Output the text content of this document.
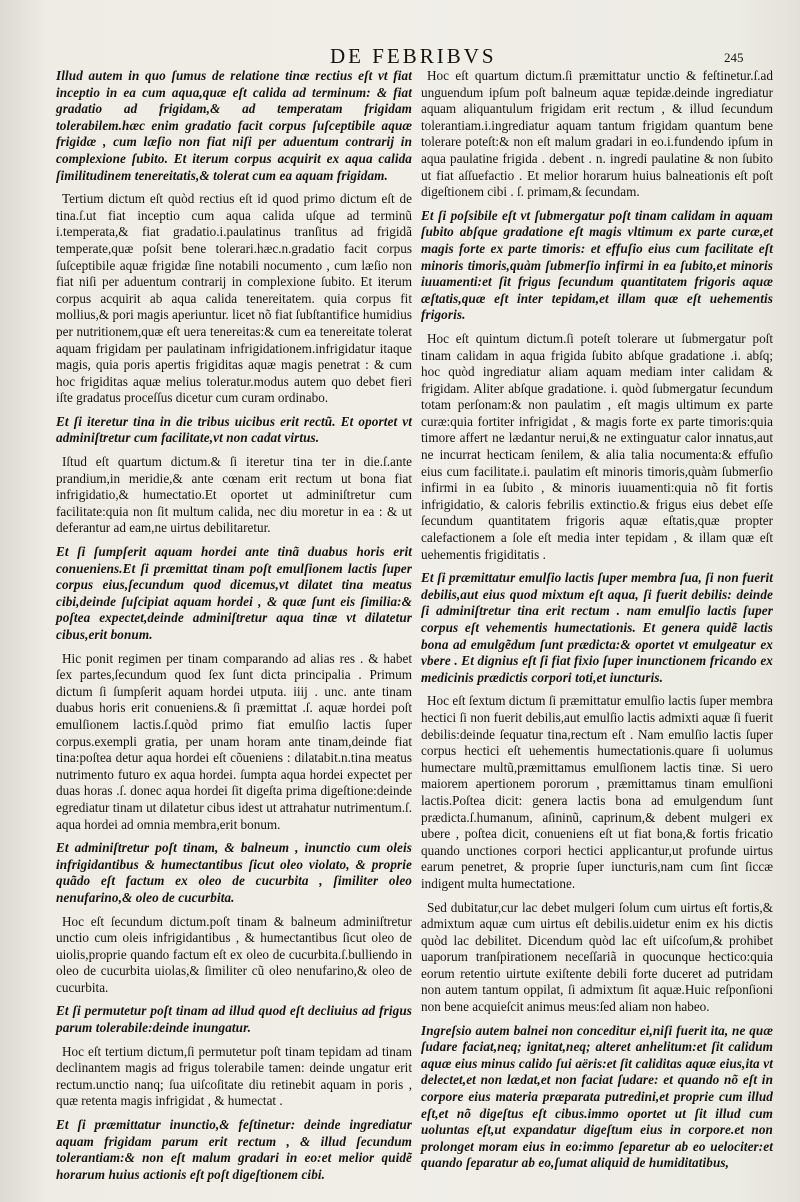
DE FEBRIBVS	245

Illud autem in quo ſumus de relatione tinæ rectius eſt vt fiat inceptio in ea cum aqua,quæ eſt calida ad terminum: & fiat gradatio ad frigidam,& ad temperatam frigidam tolerabilem.hæc enim gradatio facit corpus ſuſceptibile aquæ frigidæ , cum læſio non fiat niſi per aduentum contrarij in complexione ſubito. Et iterum corpus acquirit ex aqua calida ſimilitudinem tenereitatis,& tolerat cum ea aquam frigidam.

Tertium dictum eſt quòd rectius eſt id quod primo dictum eſt de tina.ſ.ut fiat inceptio cum aqua calida uſque ad terminũ i.temperata,& fiat gradatio.i.paulatinus tranſitus ad frigidã temperate,quæ poſsit bene tolerari.hæc.n.gradatio facit corpus ſuſceptibile aquæ frigidæ ſine notabili nocumento , cum læſio non fiat niſi per aduentum contrarij in complexione ſubito. Et iterum corpus acquirit ab aqua calida tenereitatem. quia corpus fit mollius,& pori magis aperiuntur. licet nõ fiat ſubſtantifice humidius per nutritionem,quæ eſt uera tenereitas:& cum ea tenereitate tolerat aquam frigidam per paulatinam infrigidationem.infrigidatur itaque magis, quia poris apertis frigiditas aquæ magis penetrat : & cum hoc frigiditas aquæ melius toleratur.modus autem quo debet fieri iſte gradatus proceſſus dicetur cum curam ordinabo.

Et ſi iteretur tina in die tribus uicibus erit rectũ. Et oportet vt adminiſtretur cum facilitate,vt non cadat virtus.

Iſtud eſt quartum dictum.& ſi iteretur tina ter in die.ſ.ante prandium,in meridie,& ante cœnam erit rectum ut bona fiat infrigidatio,& humectatio.Et oportet ut adminiſtretur cum facilitate:quia non ſit multum calida, nec diu moretur in ea : & ut deferantur ad eam,ne uirtus debilitaretur.

Et ſi ſumpſerit aquam hordei ante tinã duabus horis erit conueniens.Et ſi præmittat tinam poſt emulſionem lactis ſuper corpus eius,ſecundum quod dicemus,vt dilatet tina meatus cibi,deinde ſuſcipiat aquam hordei , & quæ ſunt eis ſimilia:& poſtea expectet,deinde adminiſtretur aqua tinæ vt dilatetur cibus,erit bonum.

Hic ponit regimen per tinam comparando ad alias res . & habet ſex partes,ſecundum quod ſex ſunt dicta principalia . Primum dictum ſi ſumpſerit aquam hordei utputa. iiij . unc. ante tinam duabus horis erit conueniens.& ſi præmittat .ſ. aquæ hordei poſt emulſionem lactis.ſ.quòd primo fiat emulſio lactis ſuper corpus.exempli gratia, per unam horam ante tinam,deinde fiat tina:poſtea detur aqua hordei eſt cõueniens : dilatabit.n.tina meatus nutrimento futuro ex aqua hordei. ſumpta aqua hordei expectet per duas horas .ſ. donec aqua hordei ſit digeſta prima digeſtione:deinde egrediatur tinam ut dilatetur cibus idest ut attrahatur nutrimentum.ſ. aqua hordei ad omnia membra,erit bonum.

Et adminiſtretur poſt tinam, & balneum , inunctio cum oleis infrigidantibus & humectantibus ſicut oleo violato, & proprie quãdo eſt factum ex oleo de cucurbita , ſimiliter oleo nenufarino,& oleo de cucurbita.

Hoc eſt ſecundum dictum.poſt tinam & balneum adminiſtretur unctio cum oleis infrigidantibus , & humectantibus ſicut oleo de uiolis,proprie quando factum eſt ex oleo de cucurbita.ſ.bulliendo in oleo de cucurbita uiolas,& ſimiliter cũ oleo nenufarino,& oleo de cucurbita.

Et ſi permutetur poſt tinam ad illud quod eſt decliuius ad frigus parum tolerabile:deinde inungatur.

Hoc eſt tertium dictum,ſi permutetur poſt tinam tepidam ad tinam declinantem magis ad frigus tolerabile tamen: deinde ungatur erit rectum.unctio nanq; ſua uiſcoſitate diu retinebit aquam in poris , quæ retenta magis infrigidat , & humectat .

Et ſi præmittatur inunctio,& feſtinetur: deinde ingrediatur aquam frigidam parum erit rectum , & illud ſecundum tolerantiam:& non eſt malum gradari in eo:et melior quidẽ horarum huius actionis eſt poſt digeſtionem cibi.

Hoc eſt quartum dictum.ſi præmittatur unctio & feſtinetur.ſ.ad unguendum ipſum poſt balneum aquæ tepidæ.deinde ingrediatur aquam aliquantulum frigidam erit rectum , & illud ſecundum tolerantiam.i.ingrediatur aquam tantum frigidam quantum bene tolerare poteſt:& non eſt malum gradari in eo.i.fundendo ipſum in aqua paulatine frigida . debent . n. ingredi paulatine & non ſubito ut fiat aſſuefactio . Et melior horarum huius balneationis eſt poſt digeſtionem cibi . ſ. primam,& ſecundam.

Et ſi poſsibile eſt vt ſubmergatur poſt tinam calidam in aquam ſubito abſque gradatione eſt magis vltimum ex parte curæ,et magis forte ex parte timoris: et effuſio eius cum facilitate eſt minoris timoris,quàm ſubmerſio infirmi in ea ſubito,et minoris iuuamenti:et ſit frigus ſecundum quantitatem frigoris aquæ æſtatis,quæ eſt inter tepidam,et illam quæ eſt uehementis frigoris.

Hoc eſt quintum dictum.ſi poteſt tolerare ut ſubmergatur poſt tinam calidam in aqua frigida ſubito abſque gradatione .i. abſq; hoc quòd ingrediatur aliam aquam mediam inter calidam & frigidam. Aliter abſque gradatione. i. quòd ſubmergatur ſecundum totam perſonam:& non paulatim , eſt magis ultimum ex parte curæ:quia fortiter infrigidat , & magis forte ex parte timoris:quia timore affert ne lædantur nerui,& ne extinguatur calor innatus,aut ne incurrat hecticam ſenilem, & alia talia nocumenta:& effuſio eius cum facilitate.i. paulatim eſt minoris timoris,quàm ſubmerſio infirmi in ea ſubito , & minoris iuuamenti:quia nõ fit fortis infrigidatio, & caloris febrilis extinctio.& frigus eius debet eſſe ſecundum quantitatem frigoris aquæ eſtatis,quæ propter calefactionem a ſole eſt media inter tepidam , & illam quæ eſt uehementis frigiditatis .

Et ſi præmittatur emulſio lactis ſuper membra ſua, ſi non fuerit debilis,aut eius quod mixtum eſt aqua, ſi fuerit debilis: deinde ſi adminiſtretur tina erit rectum . nam emulſio lactis ſuper corpus eſt vehementis humectationis. Et genera quidẽ lactis bona ad emulgẽdum ſunt prædicta:& oportet vt emulgeatur ex vbere . Et dignius eſt ſi fiat fixio ſuper inunctionem fricando ex medicinis prædictis corpori toti,et iuncturis.

Hoc eſt ſextum dictum ſi præmittatur emulſio lactis ſuper membra hectici ſi non fuerit debilis,aut emulſio lactis admixti aquæ ſi fuerit debilis:deinde ſequatur tina,rectum eſt . Nam emulſio lactis ſuper corpus hectici eſt uehementis humectationis.quare ſi uolumus humectare multũ,præmittamus emulſionem lactis tinæ. Si uero maiorem apertionem pororum , præmittamus tinam emulſioni lactis.Poſtea dicit: genera lactis bona ad emulgendum ſunt prædicta.ſ.humanum, aſininũ, caprinum,& debent mulgeri ex ubere , poſtea dicit, conueniens eſt ut fiat bona,& fortis fricatio quando unctiones corpori hectici applicantur,ut profunde uirtus earum penetret, & proprie ſuper iuncturis,nam cum ſint ſiccæ indigent multa humectatione.

Sed dubitatur,cur lac debet mulgeri ſolum cum uirtus eſt fortis,& admixtum aquæ cum uirtus eſt debilis.uidetur enim ex his dictis quòd lac debilitet. Dicendum quòd lac eſt uiſcoſum,& prohibet uaporum tranſpirationem neceſſariã in quocunque hectico:quia eorum retentio uirtute exiſtente debili forte duceret ad putridam non autem tantum oppilat, ſi admixtum ſit aquæ.Huic reſponſioni non bene acquieſcit animus meus:ſed aliam non habeo.

Ingreſsio autem balnei non conceditur ei,niſi fuerit ita, ne quæ ſudare faciat,neq; ignitat,neq; alteret anhelitum:et ſit calidum aquæ eius minus calido ſui aëris:et ſit caliditas aquæ eius,ita vt delectet,et non lædat,et non faciat ſudare: et quando nõ eſt in corpore eius materia præparata putredini,et proprie cum illud eſt,et nõ digeſtus eſt cibus.immo oportet ut ſit illud cum uoluntas eſt,ut expandatur digeſtum eius in corpore.et non prolonget moram eius in eo:immo ſeparetur ab eo uelociter:et quando ſeparatur ab eo,ſumat aliquid de humiditatibus,
